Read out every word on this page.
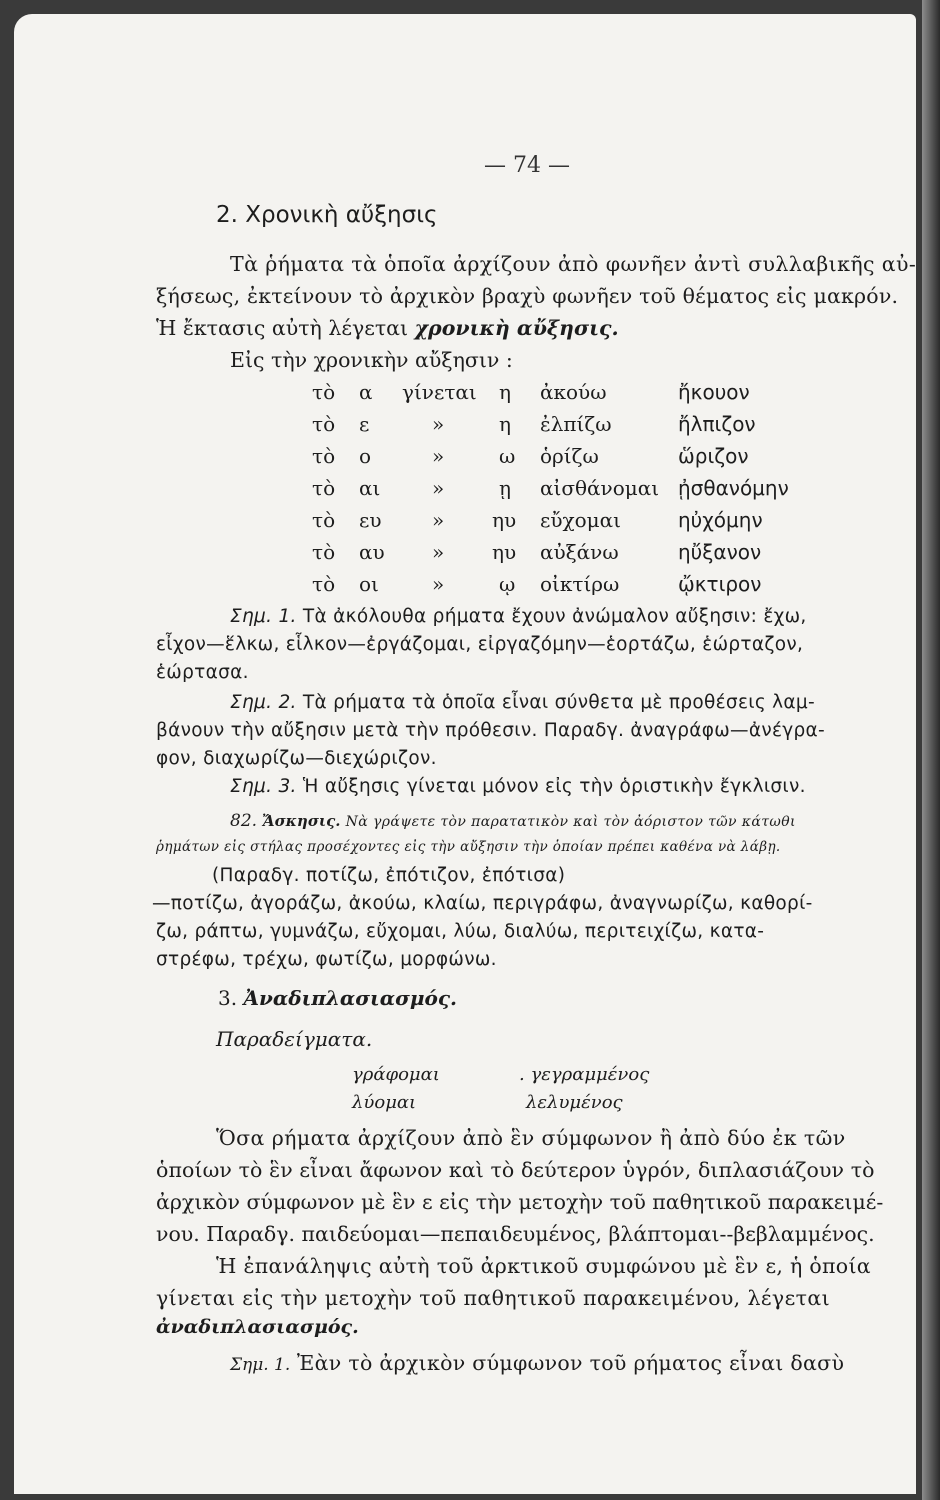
— 74 —
2. Χρονικὴ αὔξησις
Τὰ ῥήματα τὰ ὁποῖα ἀρχίζουν ἀπὸ φωνῆεν ἀντὶ συλλαβικῆς αὐ-
ξήσεως, ἐκτείνουν τὸ ἀρχικὸν βραχὺ φωνῆεν τοῦ θέματος εἰς μακρόν.
Ἡ ἔκτασις αὐτὴ λέγεται χρονικὴ αὔξησις.
Εἰς τὴν χρονικὴν αὔξησιν :
τὸ α γίνεται η ἀκούω	ἤκουον
τὸ ε	»	η ἐλπίζω	ἤλπιζον
τὸ ο	»	ω ὁρίζω	ὥριζον
τὸ αι	»	ῃ αἰσθάνομαι ᾐσθανόμην
τὸ ευ	» ηυ εὔχομαι	ηὐχόμην
τὸ αυ » ηυ αὐξάνω	ηὔξανον
τὸ οι	»	ῳ οἰκτίρω	ᾤκτιρον
Σημ. 1. Τὰ ἀκόλουθα ρήματα ἔχουν ἀνώμαλον αὔξησιν: ἔχω,
εἶχον—ἕλκω, εἷλκον—ἐργάζομαι, εἰργαζόμην—ἑορτάζω, ἑώρταζον,
ἑώρτασα.
Σημ. 2. Τὰ ρήματα τὰ ὁποῖα εἶναι σύνθετα μὲ προθέσεις λαμ-
βάνουν τὴν αὔξησιν μετὰ τὴν πρόθεσιν. Παραδγ. ἀναγράφω—ἀνέγρα-
φον, διαχωρίζω—διεχώριζον.
Σημ. 3. Ἡ αὔξησις γίνεται μόνον εἰς τὴν ὁριστικὴν ἔγκλισιν.
82. Ἄσκησις. Νὰ γράψετε τὸν παρατατικὸν καὶ τὸν ἀόριστον τῶν κάτωθι
ῥημάτων εἰς στήλας προσέχοντες εἰς τὴν αὔξησιν τὴν ὁποίαν πρέπει καθένα νὰ λάβῃ.
(Παραδγ. ποτίζω, ἐπότιζον, ἐπότισα)
—ποτίζω, ἀγοράζω, ἀκούω, κλαίω, περιγράφω, ἀναγνωρίζω, καθορί-
ζω, ράπτω, γυμνάζω, εὔχομαι, λύω, διαλύω, περιτειχίζω, κατα-
στρέφω, τρέχω, φωτίζω, μορφώνω.
3. Ἀναδιπλασιασμός.
Παραδείγματα.
γράφομαι	. γεγραμμένος
λύομαι	λελυμένος
Ὅσα ρήματα ἀρχίζουν ἀπὸ ἓν σύμφωνον ἢ ἀπὸ δύο ἐκ τῶν
ὁποίων τὸ ἓν εἶναι ἄφωνον καὶ τὸ δεύτερον ὑγρόν, διπλασιάζουν τὸ
ἀρχικὸν σύμφωνον μὲ ἓν ε εἰς τὴν μετοχὴν τοῦ παθητικοῦ παρακειμέ-
νου. Παραδγ. παιδεύομαι—πεπαιδευμένος, βλάπτομαι--βεβλαμμένος.
Ἡ ἐπανάληψις αὐτὴ τοῦ ἀρκτικοῦ συμφώνου μὲ ἓν ε, ἡ ὁποία
γίνεται εἰς τὴν μετοχὴν τοῦ παθητικοῦ παρακειμένου, λέγεται
ἀναδιπλασιασμός.
Σημ. 1. Ἐὰν τὸ ἀρχικὸν σύμφωνον τοῦ ρήματος εἶναι δασὺ
